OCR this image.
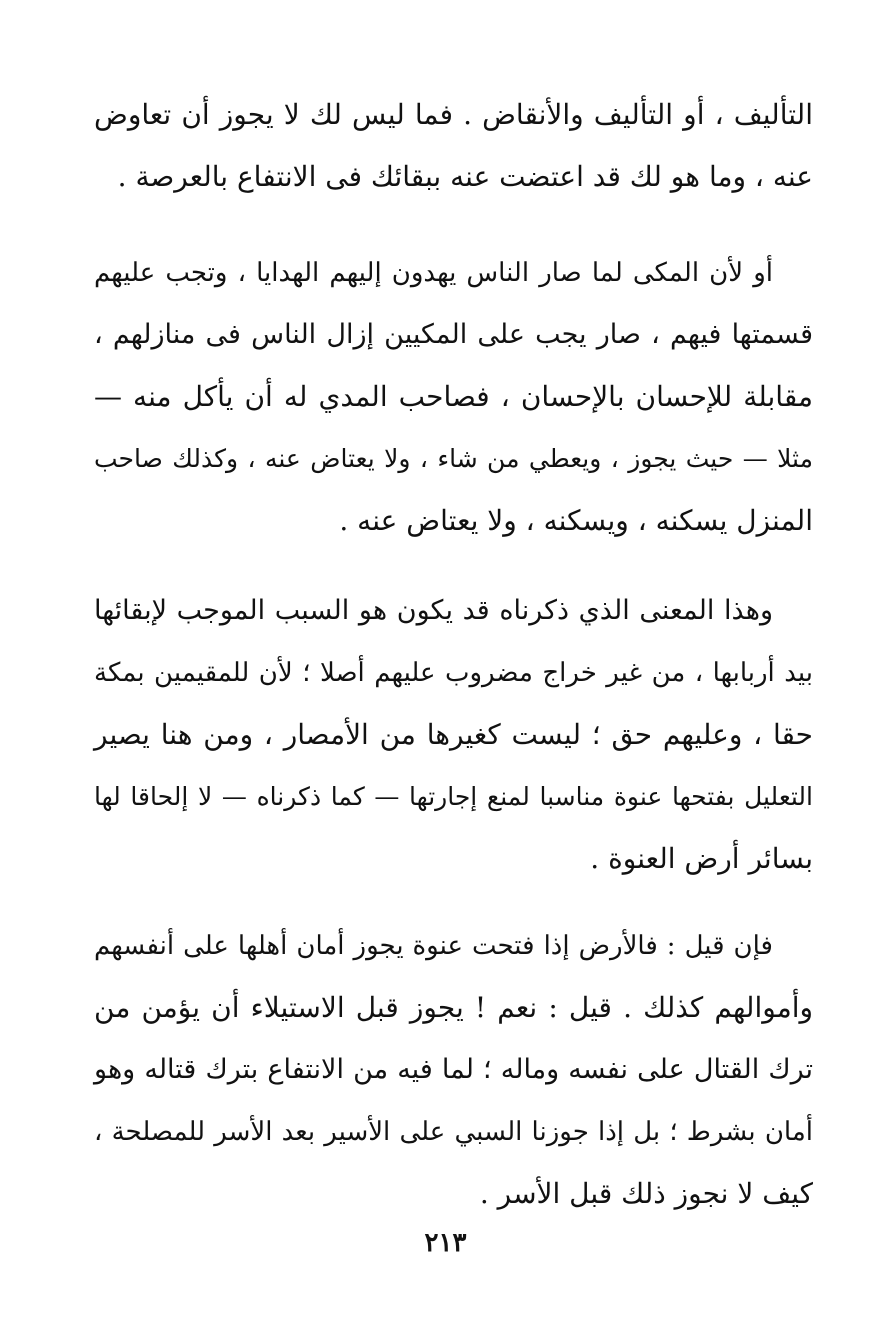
التأليف ، أو التأليف والأنقاض . فما ليس لك لا يجوز أن تعاوض
عنه ، وما هو لك قد اعتضت عنه ببقائك فى الانتفاع بالعرصة .
أو لأن المكى لما صار الناس يهدون إليهم الهدايا ، وتجب عليهم
قسمتها فيهم ، صار يجب على المكيين إزال الناس فى منازلهم ،
مقابلة للإحسان بالإحسان ، فصاحب المدي له أن يأكل منه —
مثلا — حيث يجوز ، ويعطي من شاء ، ولا يعتاض عنه ، وكذلك صاحب
المنزل يسكنه ، ويسكنه ، ولا يعتاض عنه .
وهذا المعنى الذي ذكرناه قد يكون هو السبب الموجب لإبقائها
بيد أربابها ، من غير خراج مضروب عليهم أصلا ؛ لأن للمقيمين بمكة
حقا ، وعليهم حق ؛ ليست كغيرها من الأمصار ، ومن هنا يصير
التعليل بفتحها عنوة مناسبا لمنع إجارتها — كما ذكرناه — لا إلحاقا لها
بسائر أرض العنوة .
فإن قيل : فالأرض إذا فتحت عنوة يجوز أمان أهلها على أنفسهم
وأموالهم كذلك . قيل : نعم ! يجوز قبل الاستيلاء أن يؤمن من
ترك القتال على نفسه وماله ؛ لما فيه من الانتفاع بترك قتاله وهو
أمان بشرط ؛ بل إذا جوزنا السبي على الأسير بعد الأسر للمصلحة ،
كيف لا نجوز ذلك قبل الأسر .
٢١٣
